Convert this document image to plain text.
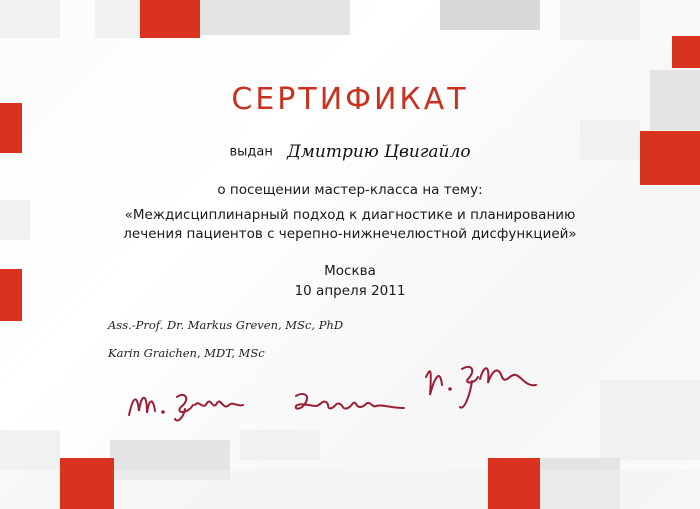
СЕРТИФИКАТ
выдан Дмитрию Цвигайло
о посещении мастер-класса на тему:
«Междисциплинарный подход к диагностике и планированию
лечения пациентов с черепно-нижнечелюстной дисфункцией»
Москва
10 апреля 2011
Ass.-Prof. Dr. Markus Greven, MSc, PhD
Karin Graichen, MDT, MSc
